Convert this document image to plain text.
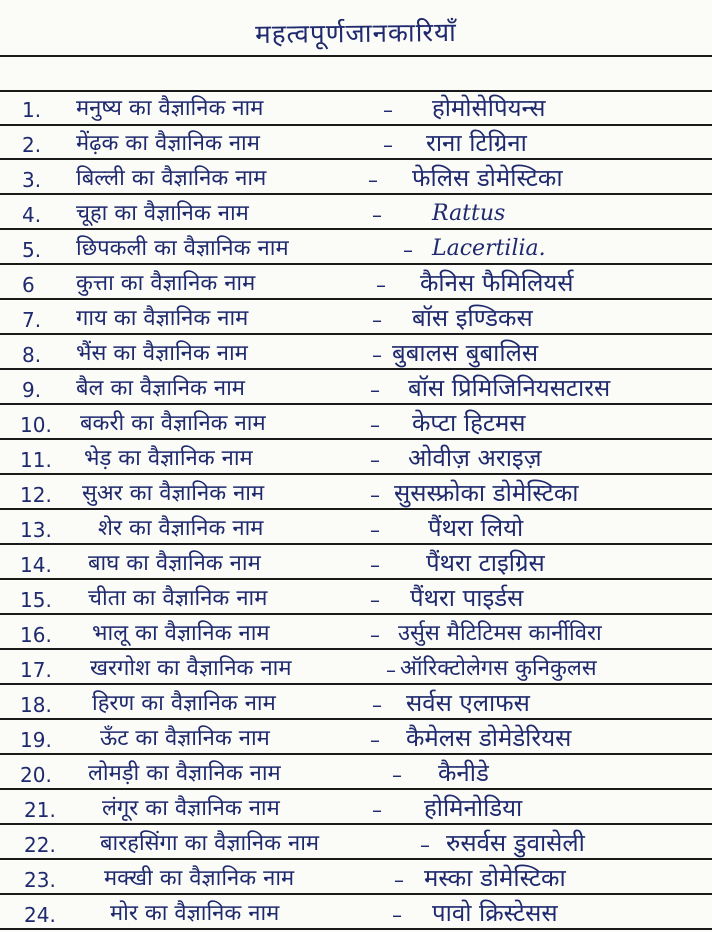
महत्वपूर्णजानकारियाँ
1. मनुष्य का वैज्ञानिक नाम	– होमोसेपियन्स
2. मेंढ़क का वैज्ञानिक नाम	– राना टिग्रिना
3. बिल्ली का वैज्ञानिक नाम	– फेलिस डोमेस्टिका
4. चूहा का वैज्ञानिक नाम	– Rattus
5. छिपकली का वैज्ञानिक नाम	– Lacertilia.
6 कुत्ता का वैज्ञानिक नाम	– कैनिस फैमिलियर्स
7. गाय का वैज्ञानिक नाम	– बॉस इण्डिकस
8. भैंस का वैज्ञानिक नाम	– बुबालस बुबालिस
9. बैल का वैज्ञानिक नाम	– बॉस प्रिमिजिनियसटारस
10. बकरी का वैज्ञानिक नाम	– केप्टा हिटमस
11. भेड़ का वैज्ञानिक नाम	– ओवीज़ अराइज़
12. सुअर का वैज्ञानिक नाम	– सुसस्फ्रोका डोमेस्टिका
13. शेर का वैज्ञानिक नाम	– पैंथरा लियो
14. बाघ का वैज्ञानिक नाम	– पैंथरा टाइग्रिस
15. चीता का वैज्ञानिक नाम	– पैंथरा पाइर्डस
16. भालू का वैज्ञानिक नाम	– उर्सुस मैटिटिमस कार्नीविरा
17. खरगोश का वैज्ञानिक नाम	– ऑरिक्टोलेगस कुनिकुलस
18. हिरण का वैज्ञानिक नाम	– सर्वस एलाफस
19. ऊँट का वैज्ञानिक नाम	– कैमेलस डोमेडेरियस
20. लोमड़ी का वैज्ञानिक नाम	– कैनीडे
21. लंगूर का वैज्ञानिक नाम	– होमिनोडिया
22. बारहसिंगा का वैज्ञानिक नाम	– रुसर्वस डुवासेली
23. मक्खी का वैज्ञानिक नाम	– मस्का डोमेस्टिका
24. मोर का वैज्ञानिक नाम	– पावो क्रिस्टेसस
